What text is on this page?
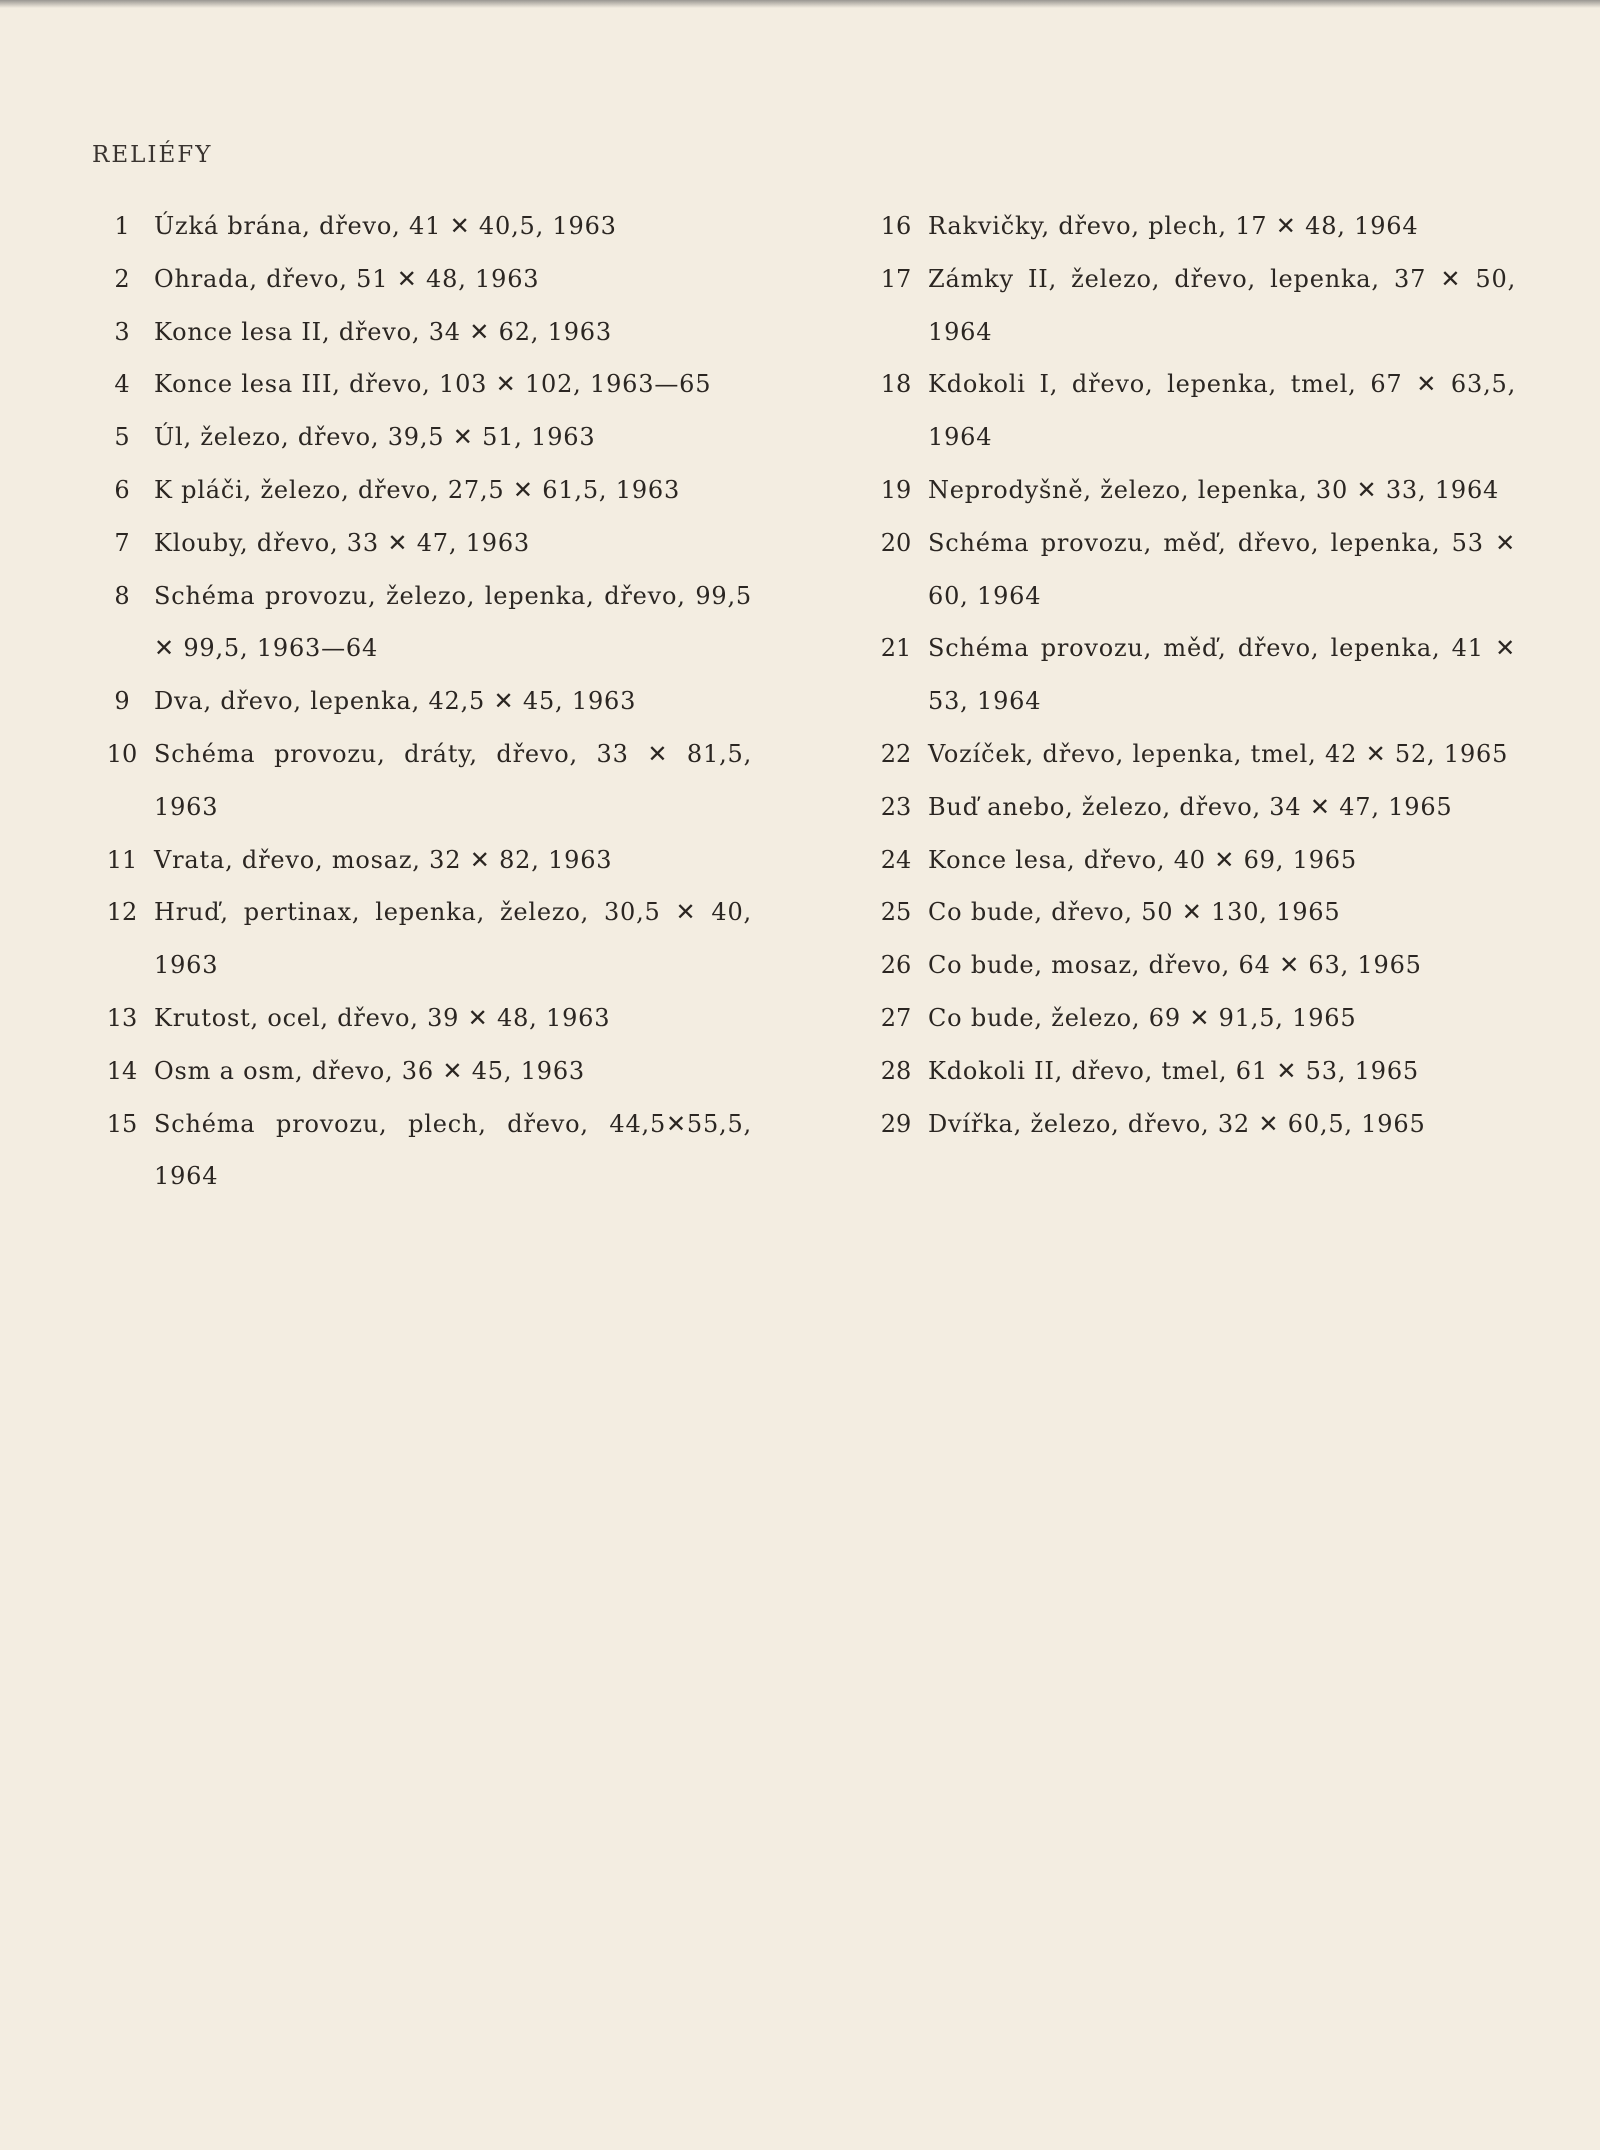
RELIÉFY
1	Úzká brána, dřevo, 41 ✕ 40,5, 1963
2	Ohrada, dřevo, 51 ✕ 48, 1963
3	Konce lesa II, dřevo, 34 ✕ 62, 1963
4	Konce lesa III, dřevo, 103 ✕ 102, 1963—65
5	Úl, železo, dřevo, 39,5 ✕ 51, 1963
6	K pláči, železo, dřevo, 27,5 ✕ 61,5, 1963
7	Klouby, dřevo, 33 ✕ 47, 1963
8	Schéma provozu, železo, lepenka, dřevo, 99,5 ✕ 99,5, 1963—64
9	Dva, dřevo, lepenka, 42,5 ✕ 45, 1963
10 Schéma provozu, dráty, dřevo, 33 ✕ 81,5, 1963
11 Vrata, dřevo, mosaz, 32 ✕ 82, 1963
12 Hruď, pertinax, lepenka, železo, 30,5 ✕ 40, 1963
13 Krutost, ocel, dřevo, 39 ✕ 48, 1963
14 Osm a osm, dřevo, 36 ✕ 45, 1963
15 Schéma provozu, plech, dřevo, 44,5✕55,5, 1964
16 Rakvičky, dřevo, plech, 17 ✕ 48, 1964
17 Zámky II, železo, dřevo, lepenka, 37 ✕ 50, 1964
18 Kdokoli I, dřevo, lepenka, tmel, 67 ✕ 63,5, 1964
19 Neprodyšně, železo, lepenka, 30 ✕ 33, 1964
20 Schéma provozu, měď, dřevo, lepenka, 53 ✕ 60, 1964
21 Schéma provozu, měď, dřevo, lepenka, 41 ✕ 53, 1964
22 Vozíček, dřevo, lepenka, tmel, 42 ✕ 52, 1965
23 Buď anebo, železo, dřevo, 34 ✕ 47, 1965
24 Konce lesa, dřevo, 40 ✕ 69, 1965
25 Co bude, dřevo, 50 ✕ 130, 1965
26 Co bude, mosaz, dřevo, 64 ✕ 63, 1965
27 Co bude, železo, 69 ✕ 91,5, 1965
28 Kdokoli II, dřevo, tmel, 61 ✕ 53, 1965
29 Dvířka, železo, dřevo, 32 ✕ 60,5, 1965
